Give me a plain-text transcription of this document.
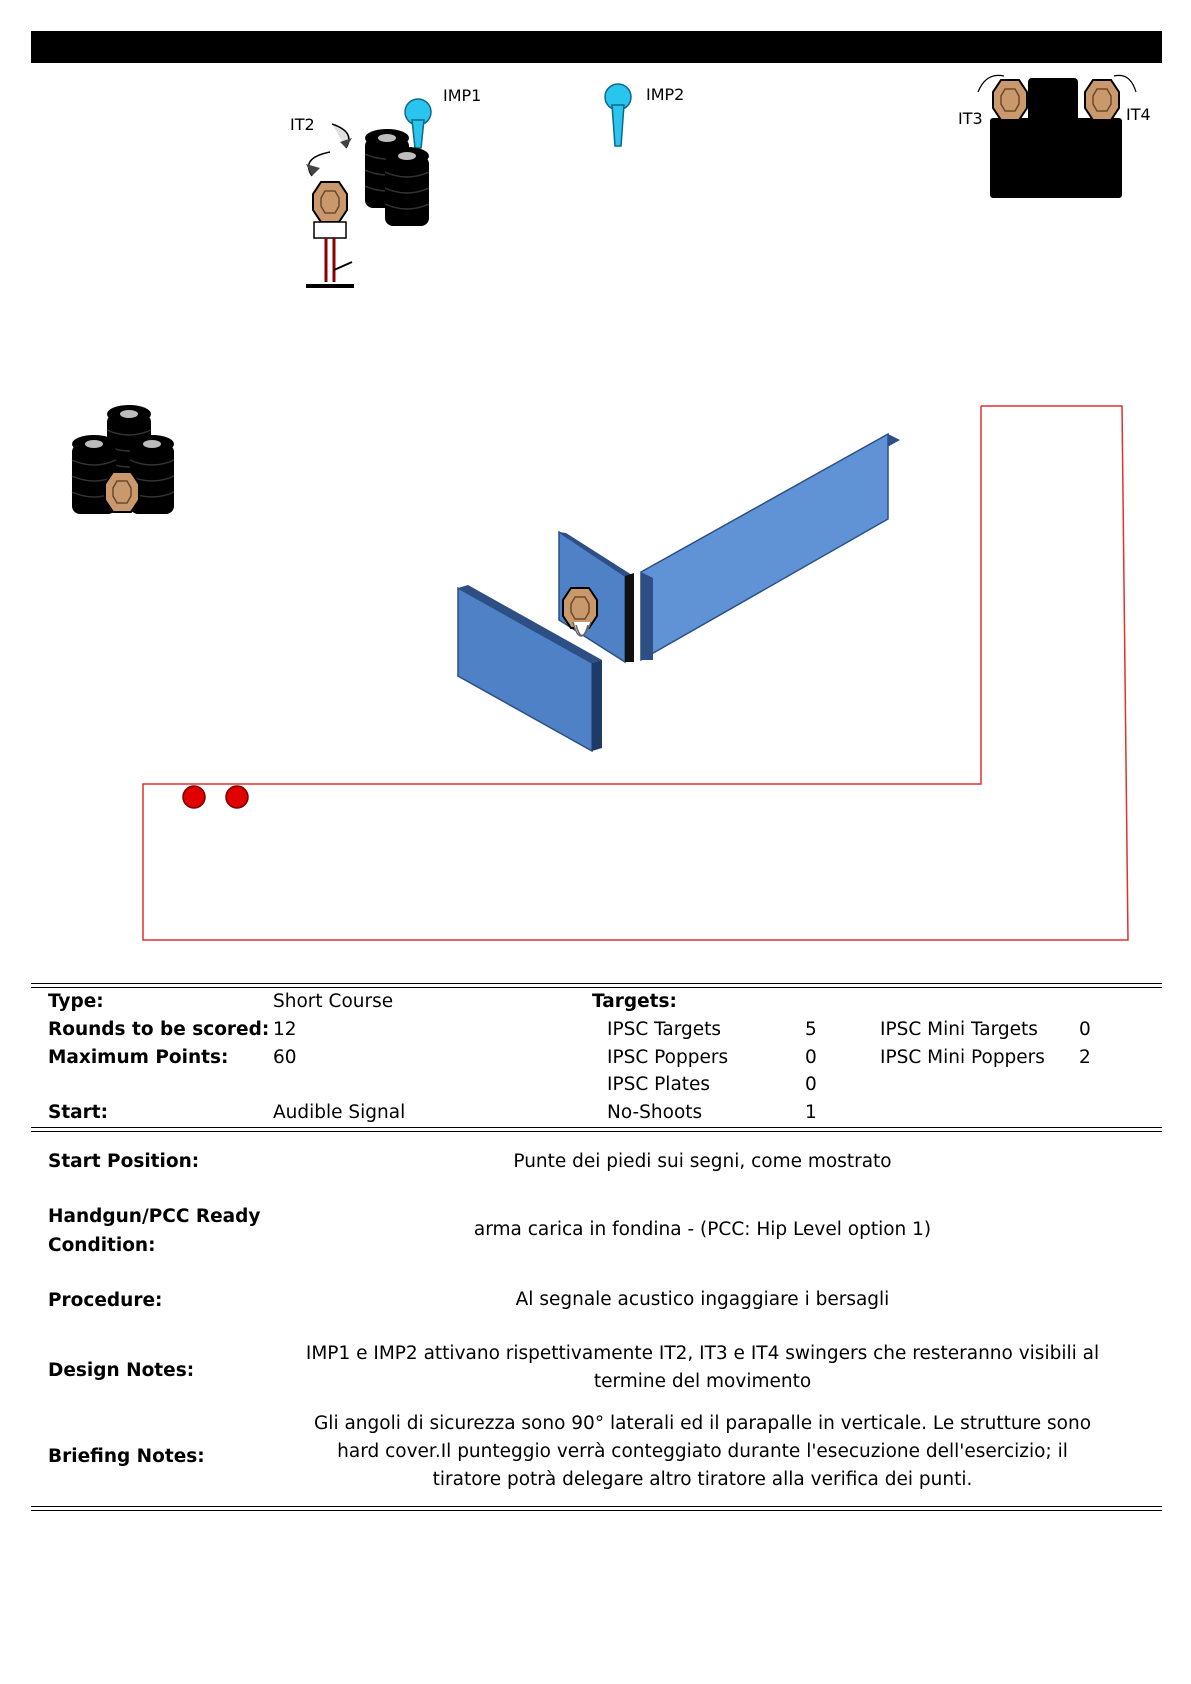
IMP1	IMP2
IT2	IT3	IT4
Type:	Short Course	Targets:
Rounds to be scored: 12	IPSC Targets	5	IPSC Mini Targets 0
Maximum Points: 60	IPSC Poppers	0	IPSC Mini Poppers 2
IPSC Plates	0
Start:	Audible Signal	No-Shoots	1
Start Position:	Punte dei piedi sui segni, come mostrato
Handgun/PCC Ready
Condition:
arma carica in fondina - (PCC: Hip Level option 1)
Procedure:	Al segnale acustico ingaggiare i bersagli
Design Notes:
IMP1 e IMP2 attivano rispettivamente IT2, IT3 e IT4 swingers che resteranno visibili al termine del movimento
Briefing Notes:
Gli angoli di sicurezza sono 90° laterali ed il parapalle in verticale. Le strutture sono hard cover.Il punteggio verrà conteggiato durante l'esecuzione dell'esercizio; il tiratore potrà delegare altro tiratore alla verifica dei punti.
